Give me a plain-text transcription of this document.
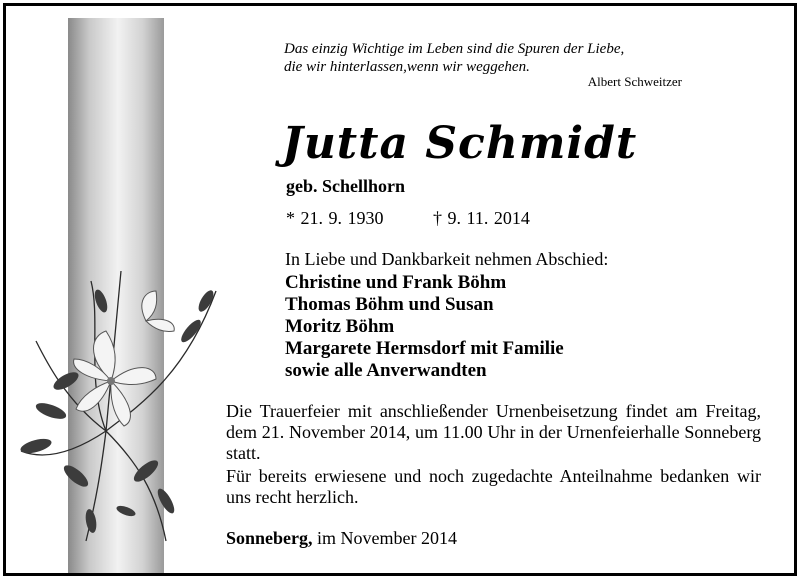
Das einzig Wichtige im Leben sind die Spuren der Liebe,
die wir hinterlassen,wenn wir weggehen.
Albert Schweitzer
Jutta Schmidt
geb. Schellhorn
* 21. 9. 1930	† 9. 11. 2014
In Liebe und Dankbarkeit nehmen Abschied:
Christine und Frank Böhm
Thomas Böhm und Susan
Moritz Böhm
Margarete Hermsdorf mit Familie
sowie alle Anverwandten
Die Trauerfeier mit anschließender Urnenbeisetzung findet am Freitag, dem 21. November 2014, um 11.00 Uhr in der Urnenfeierhalle Sonneberg statt.
Für bereits erwiesene und noch zugedachte Anteilnahme bedanken wir uns recht herzlich.
Sonneberg, im November 2014
